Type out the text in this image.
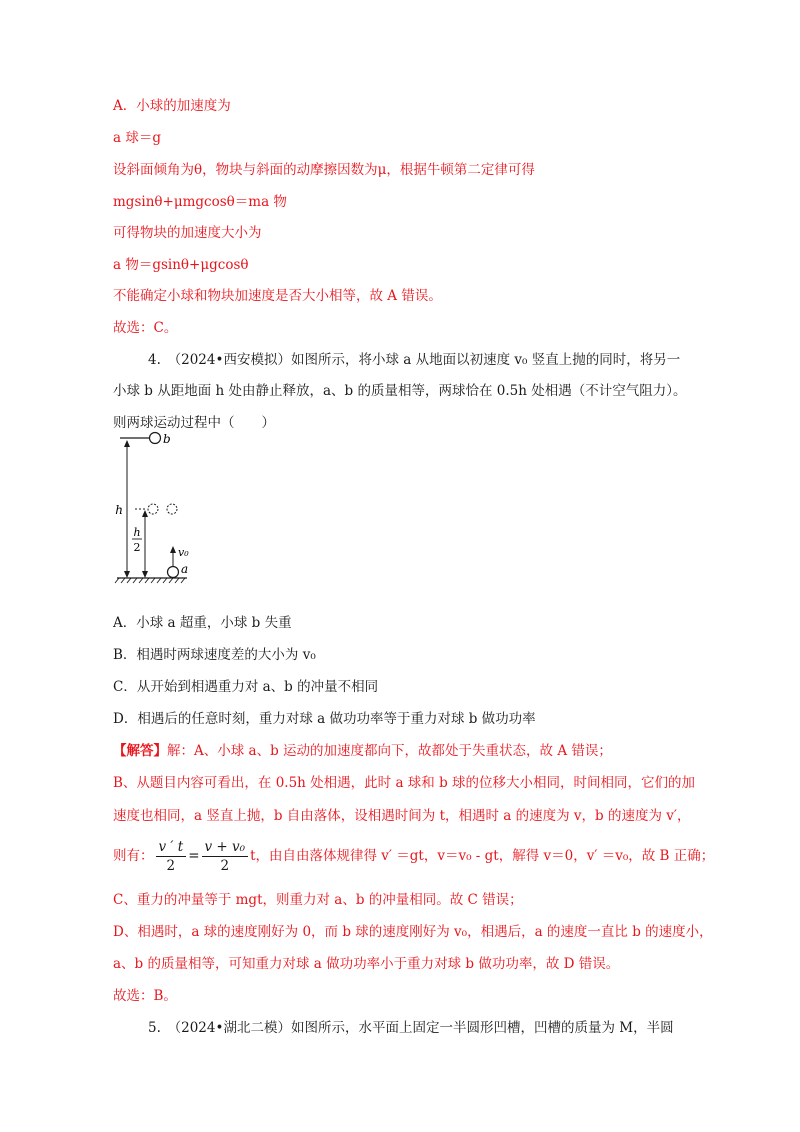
A．小球的加速度为
a 球＝g
设斜面倾角为θ，物块与斜面的动摩擦因数为μ，根据牛顿第二定律可得
mgsinθ+μmgcosθ＝ma 物
可得物块的加速度大小为
a 物＝gsinθ+μgcosθ
不能确定小球和物块加速度是否大小相等，故 A 错误。
故选：C。
4.　（2024•西安模拟）如图所示，将小球 a 从地面以初速度 v₀ 竖直上抛的同时，将另一
小球 b 从距地面 h 处由静止释放，a、b 的质量相等，两球恰在 0.5h 处相遇（不计空气阻力）。
则两球运动过程中（　　）
b
h
h
2	v₀
a
A．小球 a 超重，小球 b 失重
B．相遇时两球速度差的大小为 v₀
C．从开始到相遇重力对 a、b 的冲量不相同
D．相遇后的任意时刻，重力对球 a 做功功率等于重力对球 b 做功功率
【解答】解：A、小球 a、b 运动的加速度都向下，故都处于失重状态，故 A 错误；
B、从题目内容可看出，在 0.5h 处相遇，此时 a 球和 b 球的位移大小相同，时间相同，它们的加
速度也相同，a 竖直上抛，b 自由落体，设相遇时间为 t，相遇时 a 的速度为 v，b 的速度为 v′，
则有： $\frac{v ' t}{2} = \frac{\text{v + v₀}}{2}$ t，由自由落体规律得 v′ ＝gt，v＝v₀ - gt，解得 v＝0，v′ ＝v₀，故 B 正确；
C、重力的冲量等于 mgt，则重力对 a、b 的冲量相同。故 C 错误；
D、相遇时，a 球的速度刚好为 0，而 b 球的速度刚好为 v₀，相遇后，a 的速度一直比 b 的速度小，
a、b 的质量相等，可知重力对球 a 做功功率小于重力对球 b 做功功率，故 D 错误。
故选：B。
5.　（2024•湖北二模）如图所示，水平面上固定一半圆形凹槽，凹槽的质量为 M，半圆
